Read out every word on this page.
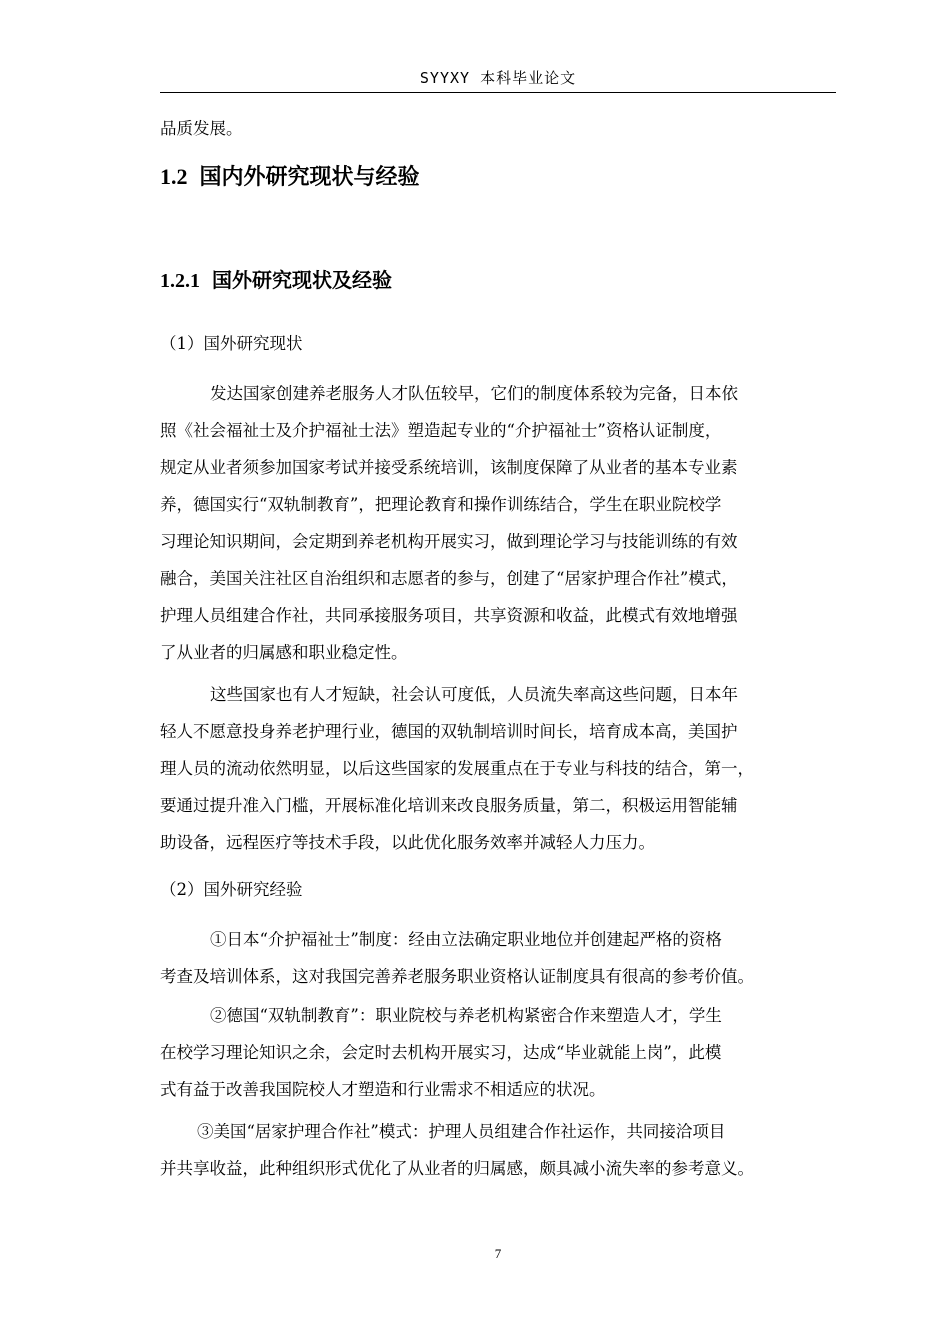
SYYXY 本科毕业论文

品质发展。

1.2 国内外研究现状与经验
1.2.1 国外研究现状及经验

（1）国外研究现状

发达国家创建养老服务人才队伍较早，它们的制度体系较为完备，日本依

照《社会福祉士及介护福祉士法》塑造起专业的“介护福祉士”资格认证制度，

规定从业者须参加国家考试并接受系统培训，该制度保障了从业者的基本专业素

养，德国实行“双轨制教育”，把理论教育和操作训练结合，学生在职业院校学

习理论知识期间，会定期到养老机构开展实习，做到理论学习与技能训练的有效

融合，美国关注社区自治组织和志愿者的参与，创建了“居家护理合作社”模式，

护理人员组建合作社，共同承接服务项目，共享资源和收益，此模式有效地增强

了从业者的归属感和职业稳定性。

这些国家也有人才短缺，社会认可度低，人员流失率高这些问题，日本年

轻人不愿意投身养老护理行业，德国的双轨制培训时间长，培育成本高，美国护

理人员的流动依然明显，以后这些国家的发展重点在于专业与科技的结合，第一，

要通过提升准入门槛，开展标准化培训来改良服务质量，第二，积极运用智能辅

助设备，远程医疗等技术手段，以此优化服务效率并减轻人力压力。

（2）国外研究经验

①日本“介护福祉士”制度：经由立法确定职业地位并创建起严格的资格

考查及培训体系，这对我国完善养老服务职业资格认证制度具有很高的参考价值。

②德国“双轨制教育”：职业院校与养老机构紧密合作来塑造人才，学生

在校学习理论知识之余，会定时去机构开展实习，达成“毕业就能上岗”，此模

式有益于改善我国院校人才塑造和行业需求不相适应的状况。

③美国“居家护理合作社”模式：护理人员组建合作社运作，共同接洽项目

并共享收益，此种组织形式优化了从业者的归属感，颇具减小流失率的参考意义。

7
